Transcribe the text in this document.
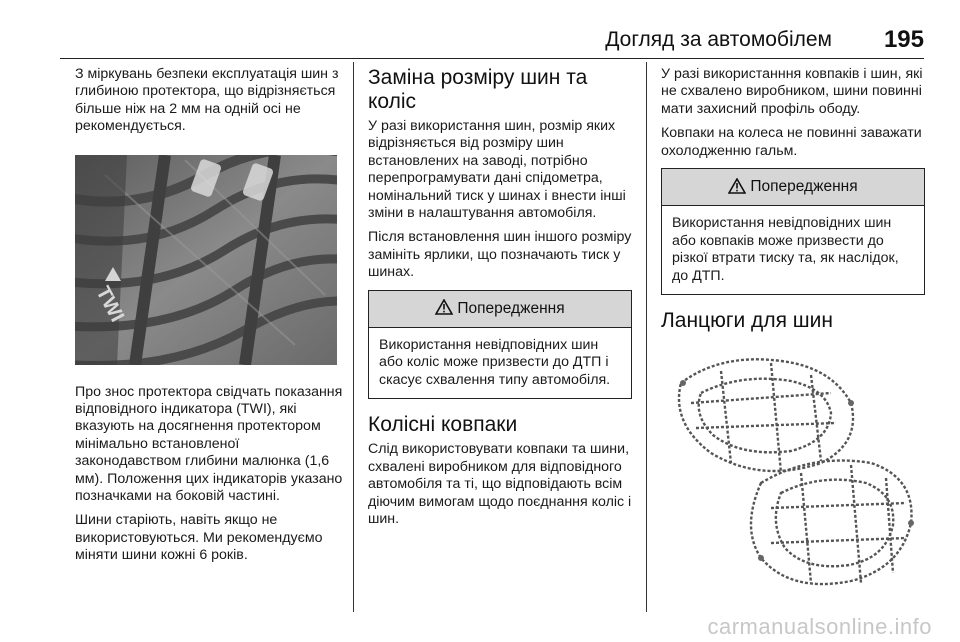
Догляд за автомобілем 195

З міркувань безпеки експлуатація шин з глибиною протектора, що відрізняється більше ніж на 2 мм на одній осі не рекомендується.

TWI

Про знос протектора свідчать показання відповідного індикатора (TWI), які вказують на досягнення протектором мінімально встановленої законодавством глибини малюнка (1,6 мм). Положення цих індикаторів указано позначками на боковій частині.

Шини старіють, навіть якщо не використовуються. Ми рекомендуємо міняти шини кожні 6 років.

Заміна розміру шин та коліс

У разі використання шин, розмір яких відрізняється від розміру шин встановлених на заводі, потрібно перепрограмувати дані спідометра, номінальний тиск у шинах і внести інші зміни в налаштування автомобіля.

Після встановлення шин іншого розміру замініть ярлики, що позначають тиск у шинах.

Попередження
Використання невідповідних шин або коліс може призвести до ДТП і скасує схвалення типу автомобіля.
Колісні ковпаки

Слід використовувати ковпаки та шини, схвалені виробником для відповідного автомобіля та ті, що відповідають всім діючим вимогам щодо поєднання коліс і шин.

У разі використанння ковпаків і шин, які не схвалено виробником, шини повинні мати захисний профіль ободу.

Ковпаки на колеса не повинні заважати охолодженню гальм.

Попередження
Використання невідповідних шин або ковпаків може призвести до різкої втрати тиску та, як наслідок, до ДТП.
Ланцюги для шин
carmanualsonline.info
